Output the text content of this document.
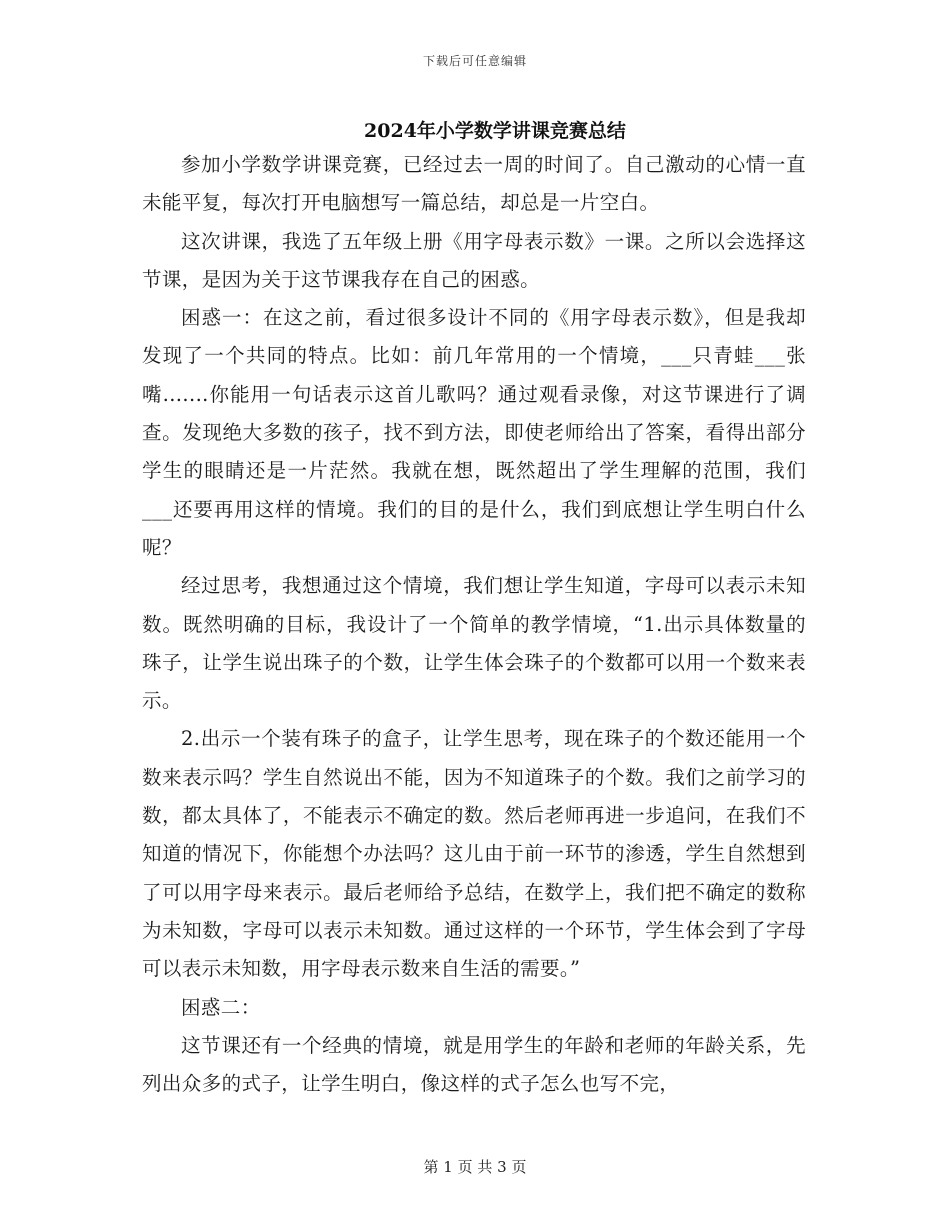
下载后可任意编辑
2024年小学数学讲课竞赛总结

参加小学数学讲课竞赛，已经过去一周的时间了。自己激动的心情一直未能平复，每次打开电脑想写一篇总结，却总是一片空白。

这次讲课，我选了五年级上册《用字母表示数》一课。之所以会选择这节课，是因为关于这节课我存在自己的困惑。

困惑一：在这之前，看过很多设计不同的《用字母表示数》，但是我却发现了一个共同的特点。比如：前几年常用的一个情境，___只青蛙___张嘴.......你能用一句话表示这首儿歌吗？通过观看录像，对这节课进行了调查。发现绝大多数的孩子，找不到方法，即使老师给出了答案，看得出部分学生的眼睛还是一片茫然。我就在想，既然超出了学生理解的范围，我们___还要再用这样的情境。我们的目的是什么，我们到底想让学生明白什么呢？

经过思考，我想通过这个情境，我们想让学生知道，字母可以表示未知数。既然明确的目标，我设计了一个简单的教学情境，“1.出示具体数量的珠子，让学生说出珠子的个数，让学生体会珠子的个数都可以用一个数来表示。

2.出示一个装有珠子的盒子，让学生思考，现在珠子的个数还能用一个数来表示吗？学生自然说出不能，因为不知道珠子的个数。我们之前学习的数，都太具体了，不能表示不确定的数。然后老师再进一步追问，在我们不知道的情况下，你能想个办法吗？这儿由于前一环节的渗透，学生自然想到了可以用字母来表示。最后老师给予总结，在数学上，我们把不确定的数称为未知数，字母可以表示未知数。通过这样的一个环节，学生体会到了字母可以表示未知数，用字母表示数来自生活的需要。”

困惑二：

这节课还有一个经典的情境，就是用学生的年龄和老师的年龄关系，先列出众多的式子，让学生明白，像这样的式子怎么也写不完，

第 1 页 共 3 页
